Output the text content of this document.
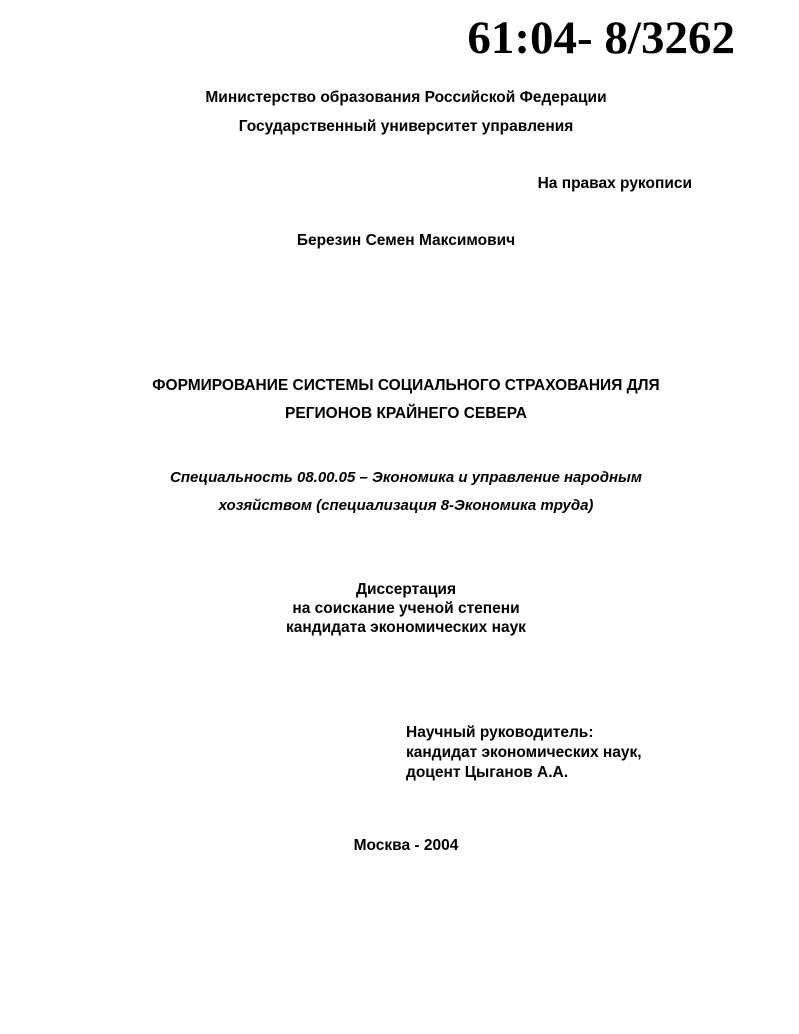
61:04- 8/3262
Министерство образования Российской Федерации
Государственный университет управления
На правах рукописи
Березин Семен Максимович
ФОРМИРОВАНИЕ СИСТЕМЫ СОЦИАЛЬНОГО СТРАХОВАНИЯ ДЛЯ
РЕГИОНОВ КРАЙНЕГО СЕВЕРА
Специальность 08.00.05 – Экономика и управление народным
хозяйством (специализация 8-Экономика труда)
Диссертация
на соискание ученой степени
кандидата экономических наук
Научный руководитель:
кандидат экономических наук,
доцент Цыганов А.А.
Москва - 2004
